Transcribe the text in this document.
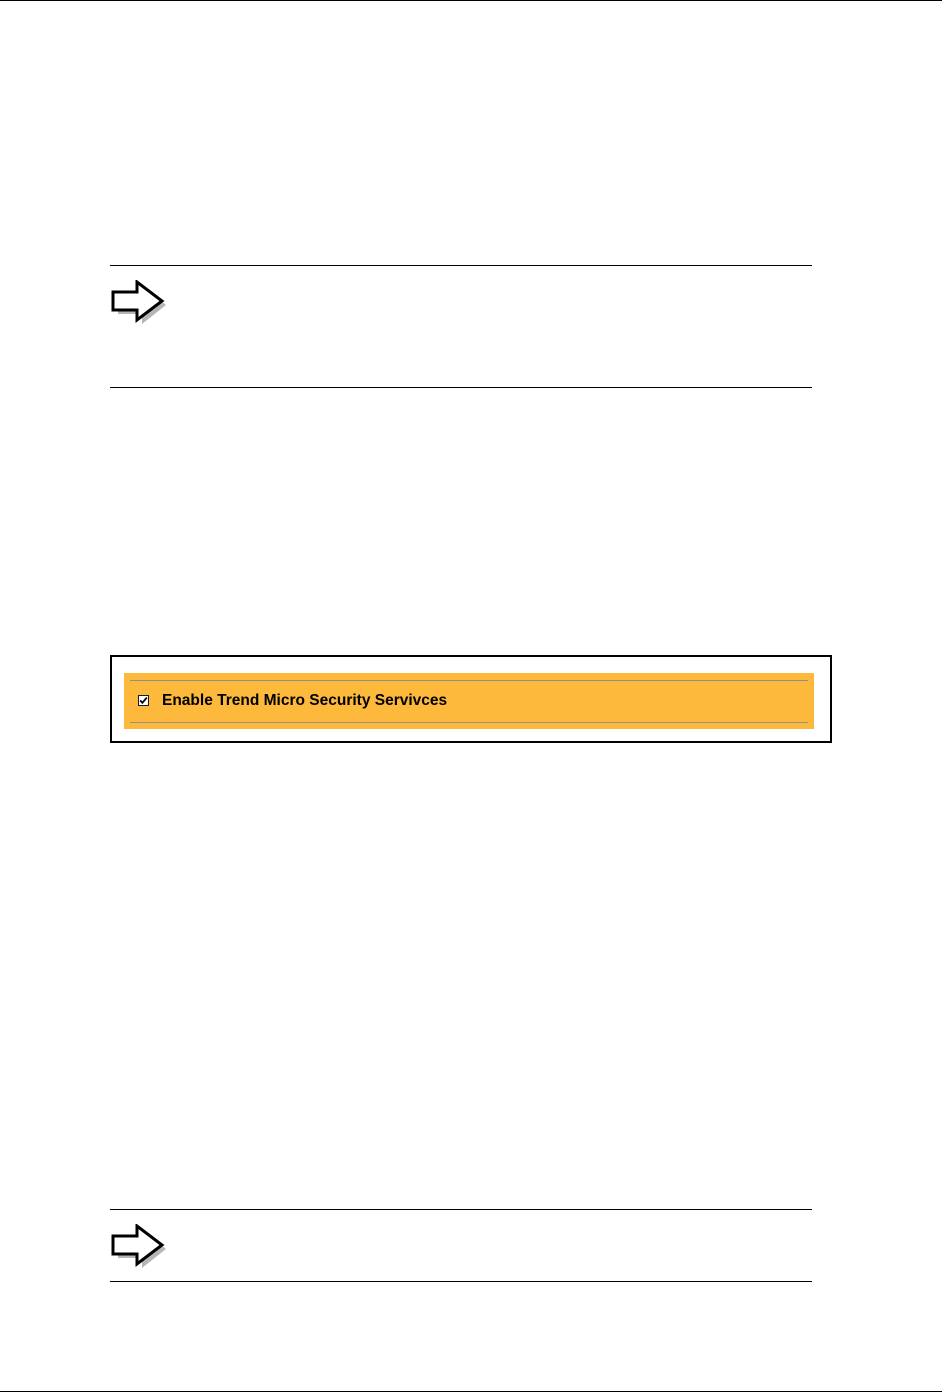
Enable Trend Micro Security Servivces
